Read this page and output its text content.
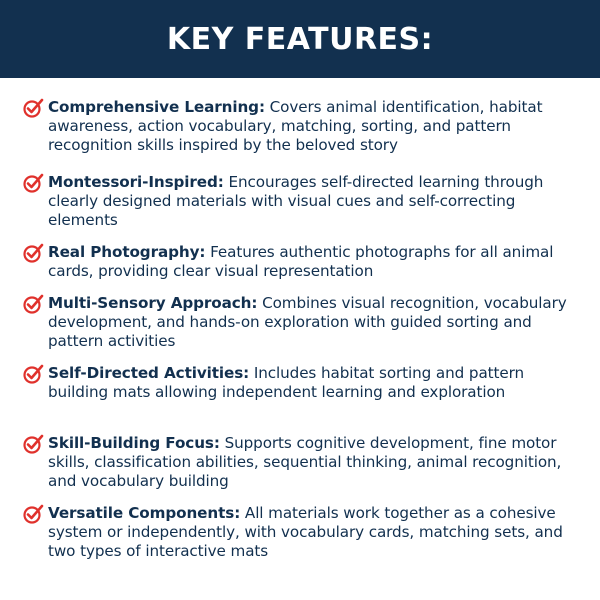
KEY FEATURES:
Comprehensive Learning: Covers animal identification, habitat awareness, action vocabulary, matching, sorting, and pattern recognition skills inspired by the beloved story
Montessori-Inspired: Encourages self-directed learning through clearly designed materials with visual cues and self-correcting elements
Real Photography: Features authentic photographs for all animal cards, providing clear visual representation
Multi-Sensory Approach: Combines visual recognition, vocabulary development, and hands-on exploration with guided sorting and pattern activities
Self-Directed Activities: Includes habitat sorting and pattern building mats allowing independent learning and exploration
Skill-Building Focus: Supports cognitive development, fine motor skills, classification abilities, sequential thinking, animal recognition, and vocabulary building
Versatile Components: All materials work together as a cohesive system or independently, with vocabulary cards, matching sets, and two types of interactive mats
